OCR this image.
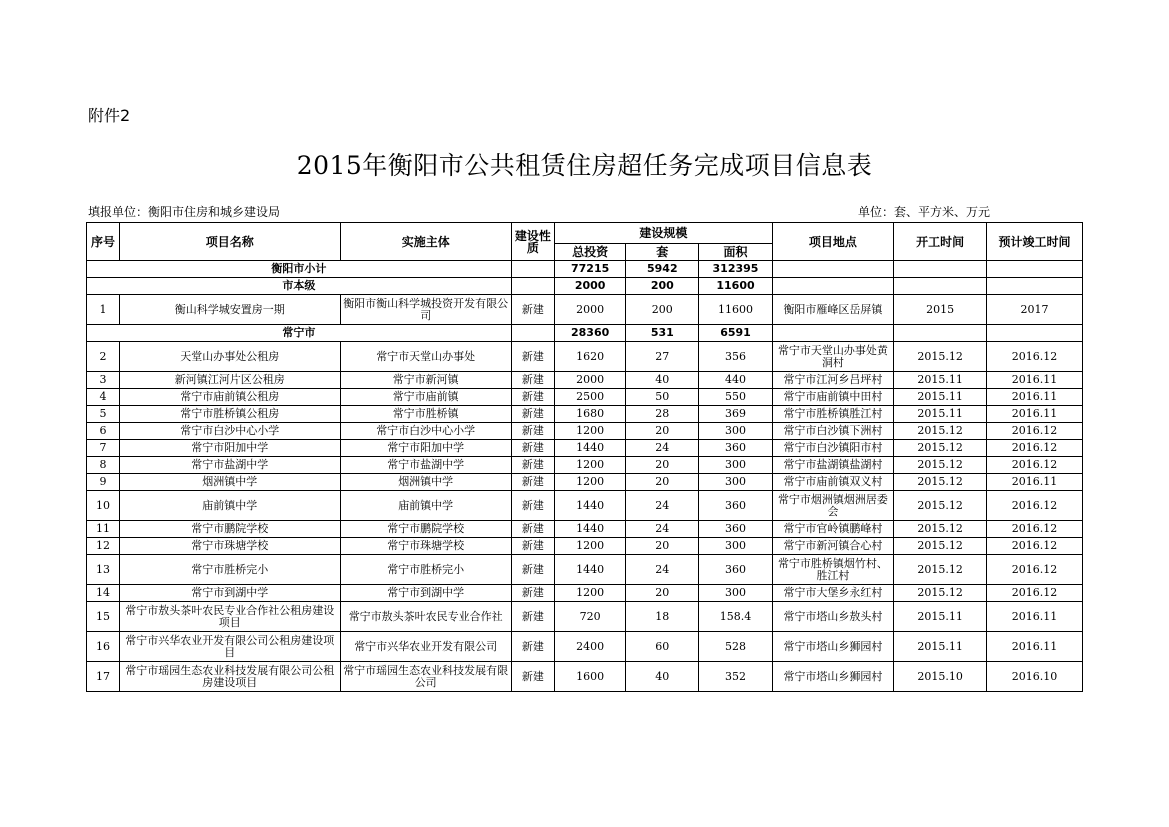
附件2
2015年衡阳市公共租赁住房超任务完成项目信息表
填报单位：衡阳市住房和城乡建设局	单位：套、平方米、万元
序号	项目名称	实施主体	建设性质	建设规模			项目地点	开工时间	预计竣工时间
				总投资	套	面积			
衡阳市小计				77215	5942	312395			
市本级				2000	200	11600			
1	衡山科学城安置房一期	衡阳市衡山科学城投资开发有限公司	新建	2000	200	11600	衡阳市雁峰区岳屏镇	2015	2017
常宁市				28360	531	6591			
2	天堂山办事处公租房	常宁市天堂山办事处	新建	1620	27	356	常宁市天堂山办事处黄洞村	2015.12	2016.12
3	新河镇江河片区公租房	常宁市新河镇	新建	2000	40	440	常宁市江河乡吕坪村	2015.11	2016.11
4	常宁市庙前镇公租房	常宁市庙前镇	新建	2500	50	550	常宁市庙前镇中田村	2015.11	2016.11
5	常宁市胜桥镇公租房	常宁市胜桥镇	新建	1680	28	369	常宁市胜桥镇胜江村	2015.11	2016.11
6	常宁市白沙中心小学	常宁市白沙中心小学	新建	1200	20	300	常宁市白沙镇下洲村	2015.12	2016.12
7	常宁市阳加中学	常宁市阳加中学	新建	1440	24	360	常宁市白沙镇阳市村	2015.12	2016.12
8	常宁市盐湖中学	常宁市盐湖中学	新建	1200	20	300	常宁市盐湖镇盐湖村	2015.12	2016.12
9	烟洲镇中学	烟洲镇中学	新建	1200	20	300	常宁市庙前镇双义村	2015.12	2016.11
10	庙前镇中学	庙前镇中学	新建	1440	24	360	常宁市烟洲镇烟洲居委会	2015.12	2016.12
11	常宁市鹏院学校	常宁市鹏院学校	新建	1440	24	360	常宁市官岭镇鹏峰村	2015.12	2016.12
12	常宁市珠塘学校	常宁市珠塘学校	新建	1200	20	300	常宁市新河镇合心村	2015.12	2016.12
13	常宁市胜桥完小	常宁市胜桥完小	新建	1440	24	360	常宁市胜桥镇烟竹村、胜江村	2015.12	2016.12
14	常宁市到湖中学	常宁市到湖中学	新建	1200	20	300	常宁市大堡乡永红村	2015.12	2016.12
15	常宁市敖头茶叶农民专业合作社公租房建设项目	常宁市敖头茶叶农民专业合作社	新建	720	18	158.4	常宁市塔山乡敖头村	2015.11	2016.11
16	常宁市兴华农业开发有限公司公租房建设项目	常宁市兴华农业开发有限公司	新建	2400	60	528	常宁市塔山乡狮园村	2015.11	2016.11
17	常宁市瑶园生态农业科技发展有限公司公租房建设项目	常宁市瑶园生态农业科技发展有限公司	新建	1600	40	352	常宁市塔山乡狮园村	2015.10	2016.10
